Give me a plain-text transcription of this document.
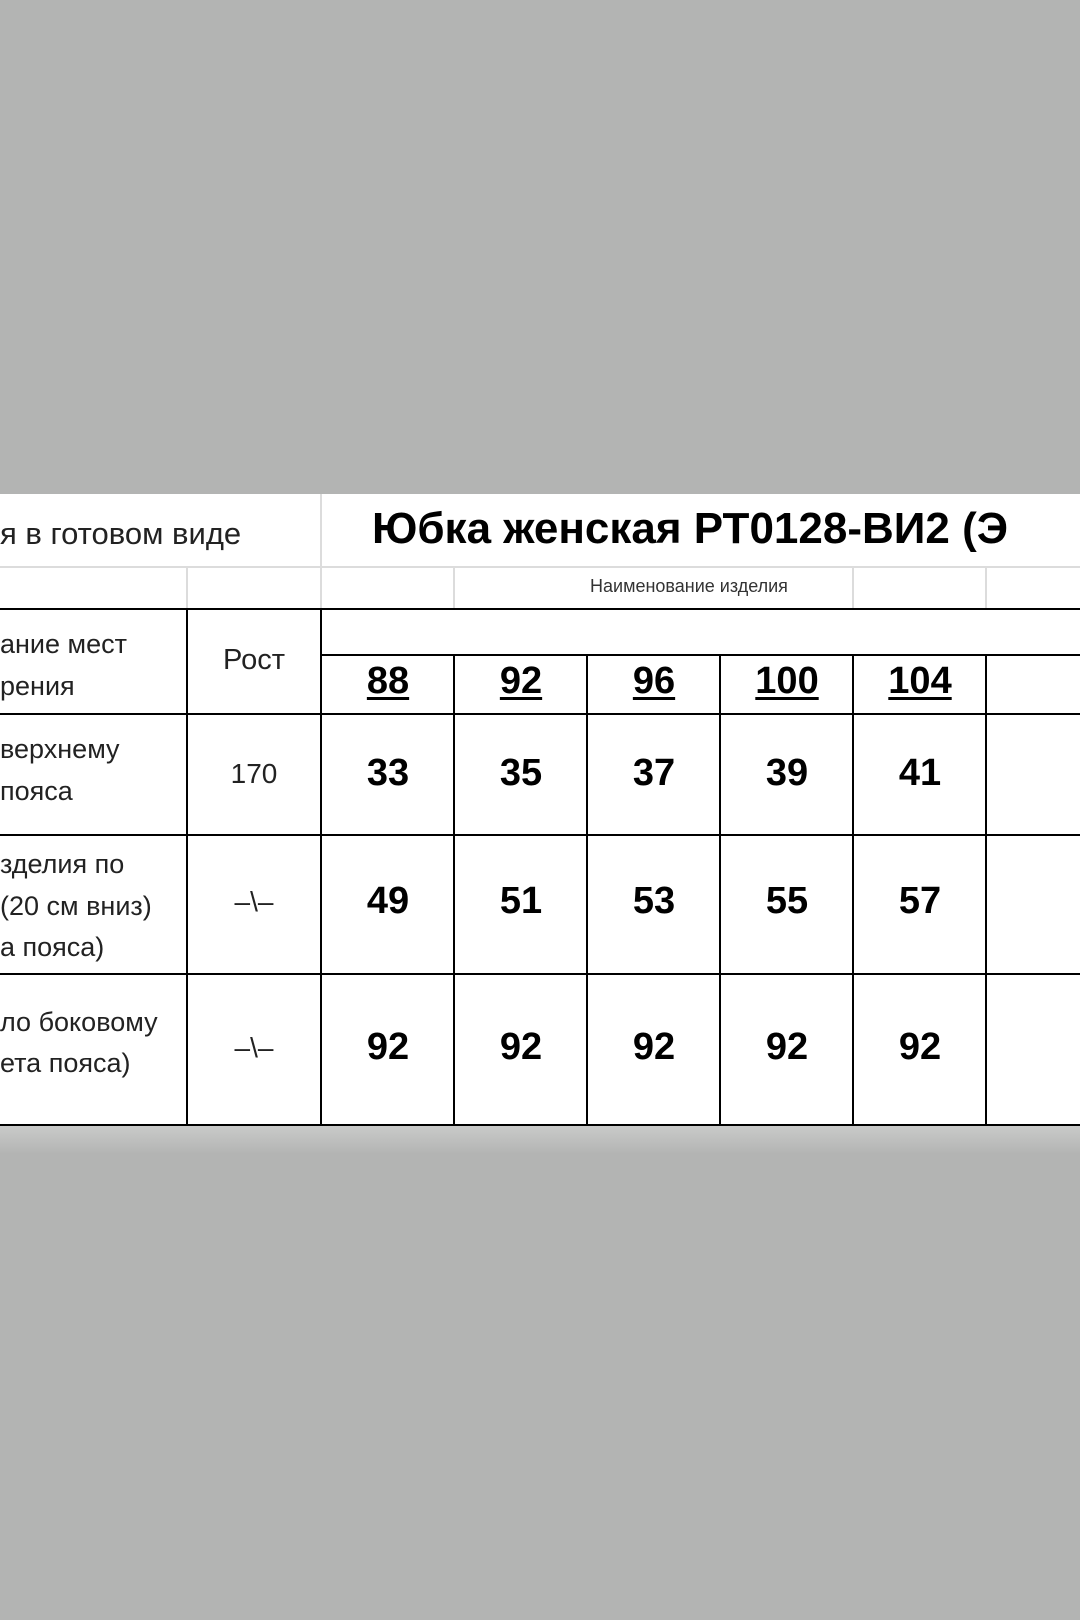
я в готовом виде	Юбка женская РТ0128-ВИ2 (Э
Наименование изделия
ание мест
рения
Рост	88	92	96	100	104
верхнему
пояса
170	33	35	37	39	41
зделия по
(20 см вниз)
а пояса)
–\–	49	51	53	55	57
ло боковому
ета пояса)	–\–	92	92	92	92	92
